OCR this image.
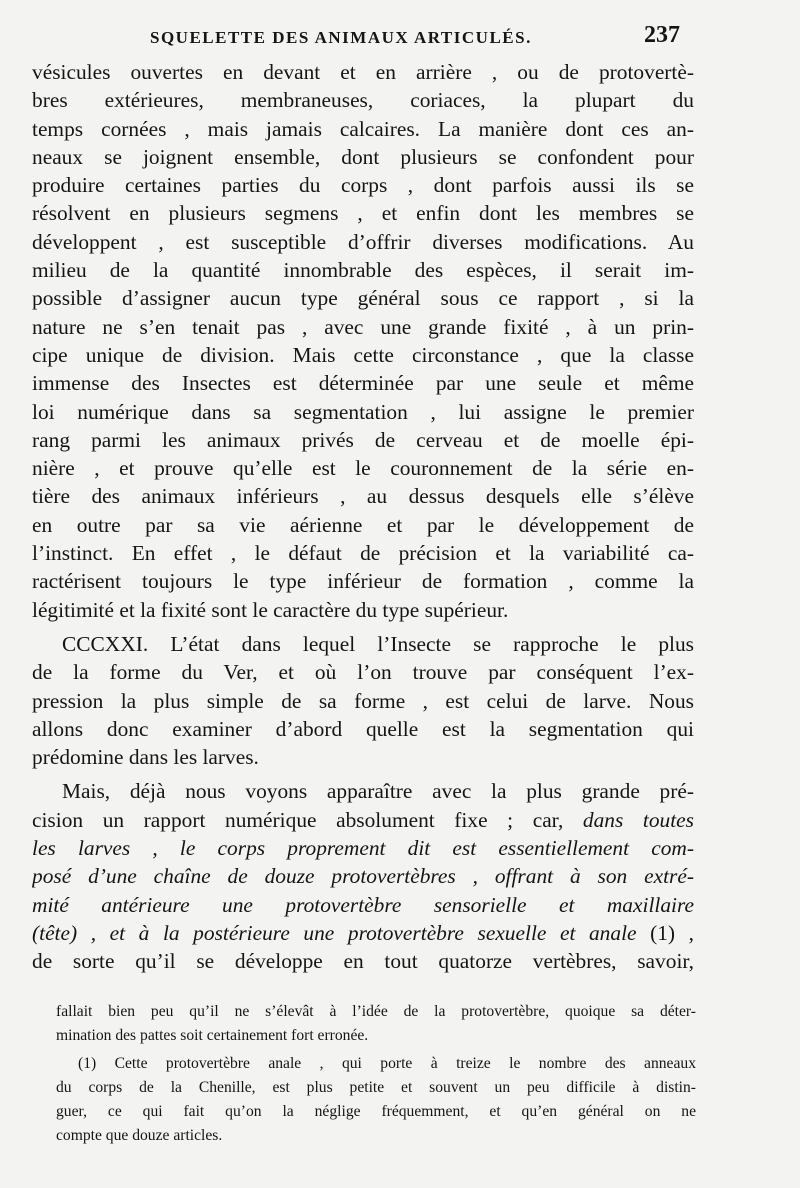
SQUELETTE DES ANIMAUX ARTICULÉS.	237
vésicules ouvertes en devant et en arrière , ou de protovertè-
bres extérieures, membraneuses, coriaces, la plupart du
temps cornées , mais jamais calcaires. La manière dont ces an-
neaux se joignent ensemble, dont plusieurs se confondent pour
produire certaines parties du corps , dont parfois aussi ils se
résolvent en plusieurs segmens , et enfin dont les membres se
développent , est susceptible d’offrir diverses modifications. Au
milieu de la quantité innombrable des espèces, il serait im-
possible d’assigner aucun type général sous ce rapport , si la
nature ne s’en tenait pas , avec une grande fixité , à un prin-
cipe unique de division. Mais cette circonstance , que la classe
immense des Insectes est déterminée par une seule et même
loi numérique dans sa segmentation , lui assigne le premier
rang parmi les animaux privés de cerveau et de moelle épi-
nière , et prouve qu’elle est le couronnement de la série en-
tière des animaux inférieurs , au dessus desquels elle s’élève
en outre par sa vie aérienne et par le développement de
l’instinct. En effet , le défaut de précision et la variabilité ca-
ractérisent toujours le type inférieur de formation , comme la
légitimité et la fixité sont le caractère du type supérieur.
CCCXXI. L’état dans lequel l’Insecte se rapproche le plus
de la forme du Ver, et où l’on trouve par conséquent l’ex-
pression la plus simple de sa forme , est celui de larve. Nous
allons donc examiner d’abord quelle est la segmentation qui
prédomine dans les larves.
Mais, déjà nous voyons apparaître avec la plus grande pré-
cision un rapport numérique absolument fixe ; car, dans toutes
les larves , le corps proprement dit est essentiellement com-
posé d’une chaîne de douze protovertèbres , offrant à son extré-
mité antérieure une protovertèbre sensorielle et maxillaire
(tête) , et à la postérieure une protovertèbre sexuelle et anale (1) ,
de sorte qu’il se développe en tout quatorze vertèbres, savoir,
fallait bien peu qu’il ne s’élevât à l’idée de la protovertèbre, quoique sa déter-
mination des pattes soit certainement fort erronée.
(1) Cette protovertèbre anale , qui porte à treize le nombre des anneaux
du corps de la Chenille, est plus petite et souvent un peu difficile à distin-
guer, ce qui fait qu’on la néglige fréquemment, et qu’en général on ne
compte que douze articles.
